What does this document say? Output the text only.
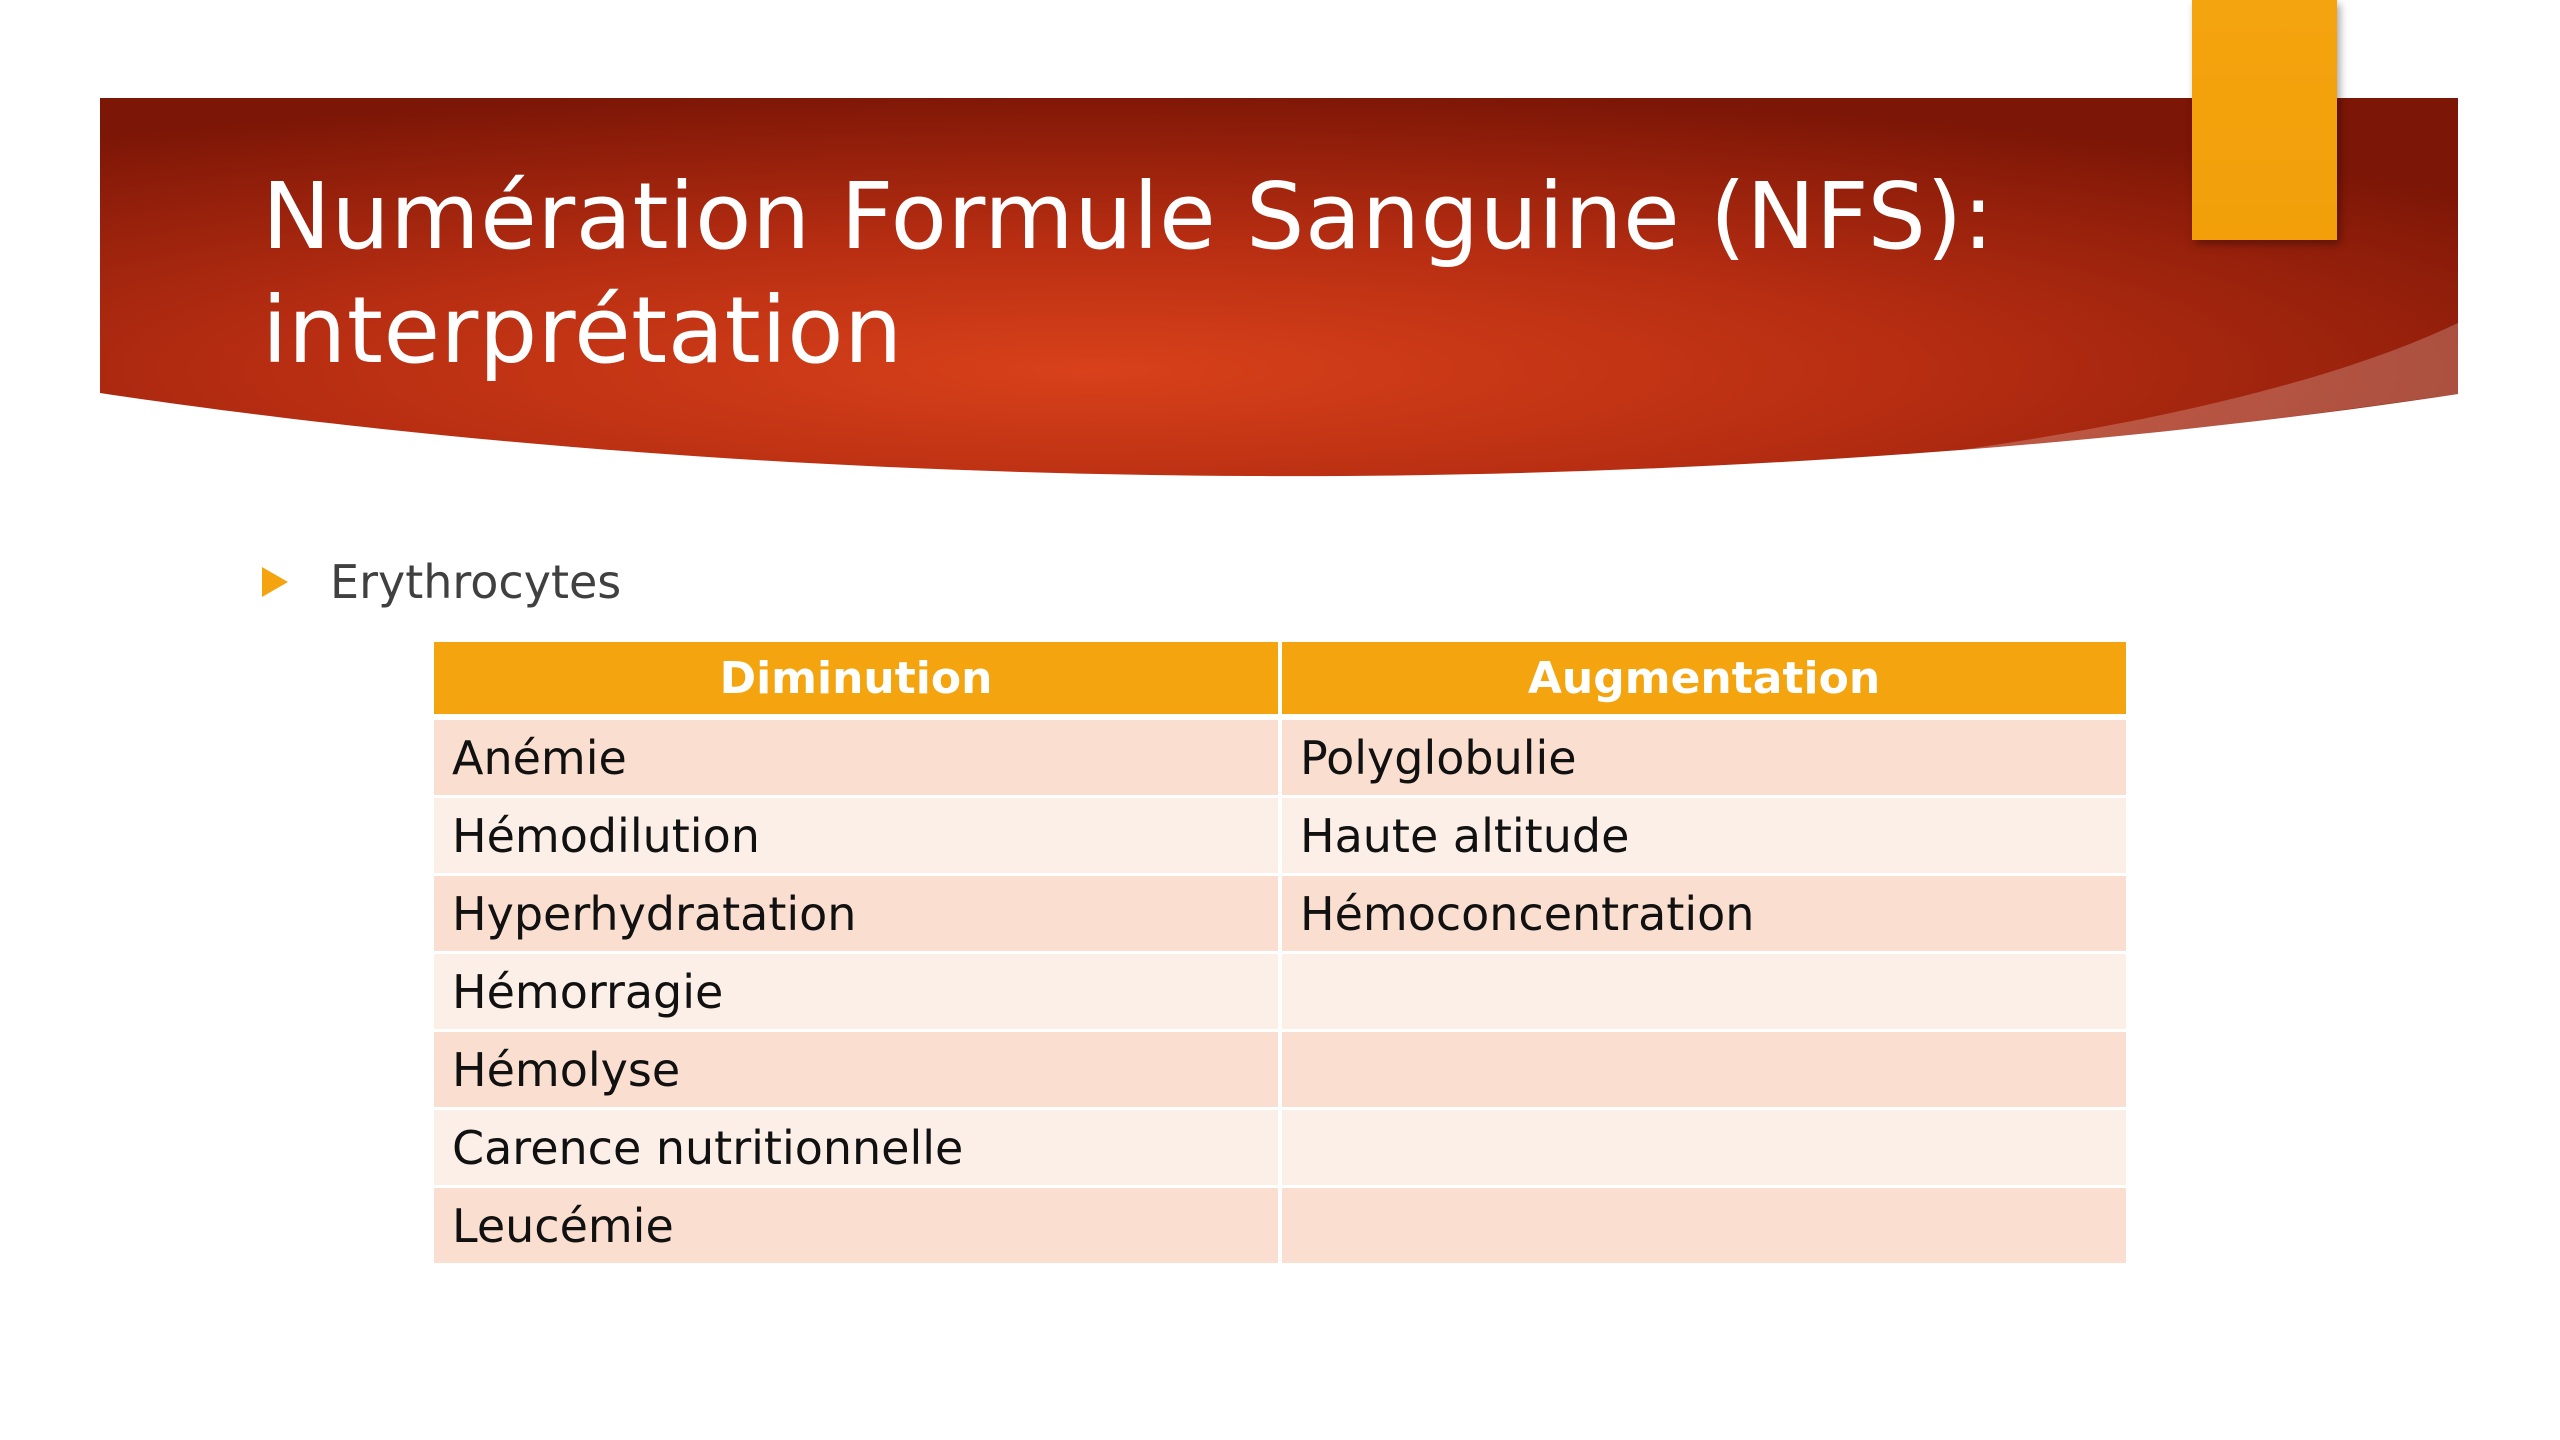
Numération Formule Sanguine (NFS):
interprétation
Erythrocytes
Diminution	Augmentation
Anémie	Polyglobulie
Hémodilution	Haute altitude
Hyperhydratation	Hémoconcentration
Hémorragie	
Hémolyse	
Carence nutritionnelle	
Leucémie	
